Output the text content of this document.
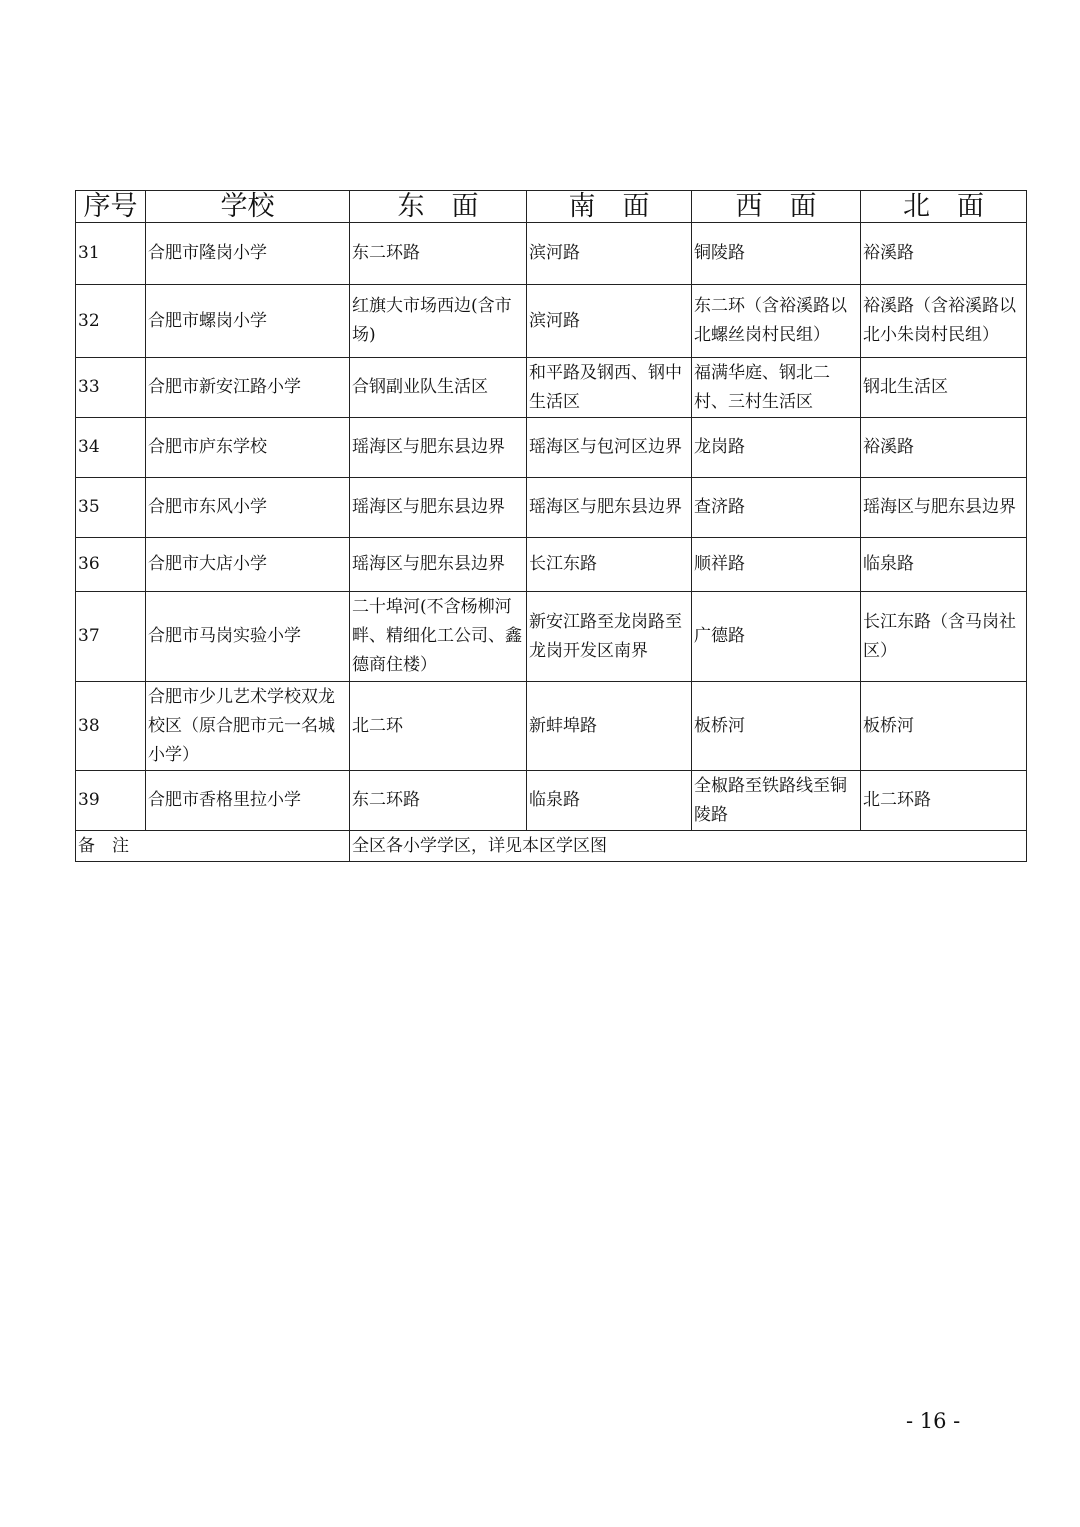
序号	学校	东　面	南　面	西　面	北　面
31	合肥市隆岗小学	东二环路	滨河路	铜陵路	裕溪路
32	合肥市螺岗小学	红旗大市场西边(含市场)	滨河路	东二环（含裕溪路以北螺丝岗村民组）	裕溪路（含裕溪路以北小朱岗村民组）
33	合肥市新安江路小学	合钢副业队生活区	和平路及钢西、钢中生活区	福满华庭、钢北二村、三村生活区	钢北生活区
34	合肥市庐东学校	瑶海区与肥东县边界	瑶海区与包河区边界	龙岗路	裕溪路
35	合肥市东风小学	瑶海区与肥东县边界	瑶海区与肥东县边界	查济路	瑶海区与肥东县边界
36	合肥市大店小学	瑶海区与肥东县边界	长江东路	顺祥路	临泉路
37	合肥市马岗实验小学	二十埠河(不含杨柳河畔、精细化工公司、鑫德商住楼）	新安江路至龙岗路至龙岗开发区南界	广德路	长江东路（含马岗社区）
38	合肥市少儿艺术学校双龙校区（原合肥市元一名城小学）	北二环	新蚌埠路	板桥河	板桥河
39	合肥市香格里拉小学	东二环路	临泉路	全椒路至铁路线至铜陵路	北二环路
备注		全区各小学学区，详见本区学区图			
- 16 -
